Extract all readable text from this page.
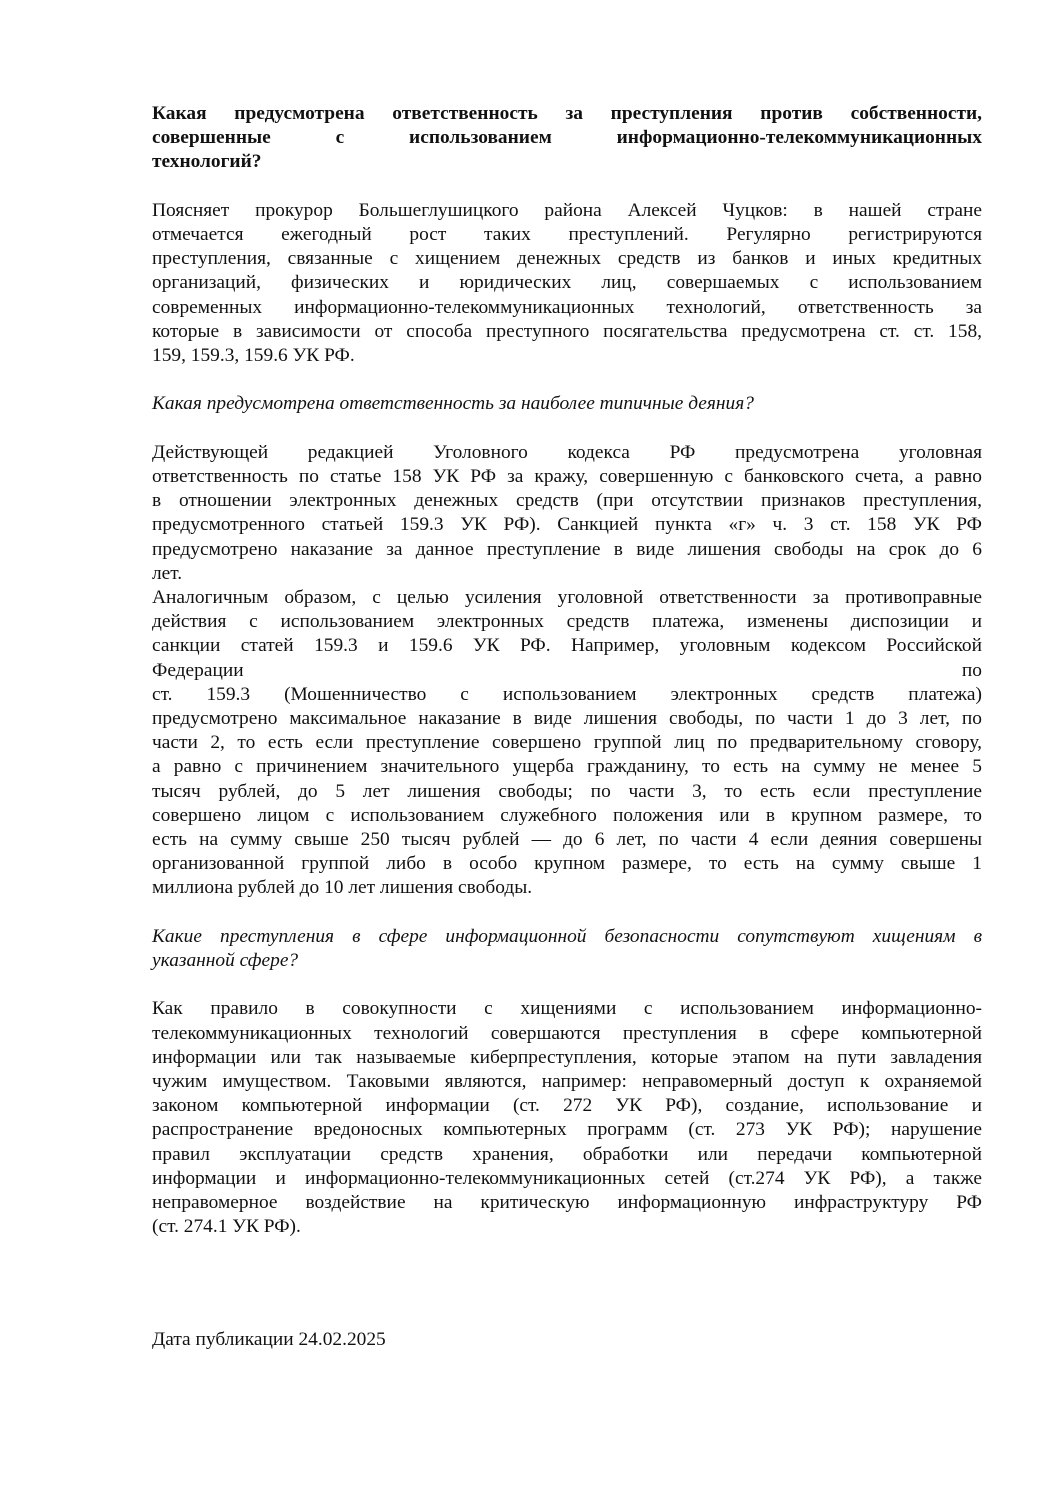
Какая предусмотрена ответственность за преступления против собственности,
совершенные с использованием информационно-телекоммуникационных
технологий?
Поясняет прокурор Большеглушицкого района Алексей Чуцков: в нашей стране
отмечается ежегодный рост таких преступлений. Регулярно регистрируются
преступления, связанные с хищением денежных средств из банков и иных кредитных
организаций, физических и юридических лиц, совершаемых с использованием
современных информационно-телекоммуникационных технологий, ответственность за
которые в зависимости от способа преступного посягательства предусмотрена ст. ст. 158,
159, 159.3, 159.6 УК РФ.
Какая предусмотрена ответственность за наиболее типичные деяния?
Действующей редакцией Уголовного кодекса РФ предусмотрена уголовная
ответственность по статье 158 УК РФ за кражу, совершенную с банковского счета, а равно
в отношении электронных денежных средств (при отсутствии признаков преступления,
предусмотренного статьей 159.3 УК РФ). Санкцией пункта «г» ч. 3 ст. 158 УК РФ
предусмотрено наказание за данное преступление в виде лишения свободы на срок до 6
лет.
Аналогичным образом, с целью усиления уголовной ответственности за противоправные
действия с использованием электронных средств платежа, изменены диспозиции и
санкции статей 159.3 и 159.6 УК РФ. Например, уголовным кодексом Российской
Федерации по
ст. 159.3 (Мошенничество с использованием электронных средств платежа)
предусмотрено максимальное наказание в виде лишения свободы, по части 1 до 3 лет, по
части 2, то есть если преступление совершено группой лиц по предварительному сговору,
а равно с причинением значительного ущерба гражданину, то есть на сумму не менее 5
тысяч рублей, до 5 лет лишения свободы; по части 3, то есть если преступление
совершено лицом с использованием служебного положения или в крупном размере, то
есть на сумму свыше 250 тысяч рублей — до 6 лет, по части 4 если деяния совершены
организованной группой либо в особо крупном размере, то есть на сумму свыше 1
миллиона рублей до 10 лет лишения свободы.
Какие преступления в сфере информационной безопасности сопутствуют хищениям в
указанной сфере?
Как правило в совокупности с хищениями с использованием информационно-
телекоммуникационных технологий совершаются преступления в сфере компьютерной
информации или так называемые киберпреступления, которые этапом на пути завладения
чужим имуществом. Таковыми являются, например: неправомерный доступ к охраняемой
законом компьютерной информации (ст. 272 УК РФ), создание, использование и
распространение вредоносных компьютерных программ (ст. 273 УК РФ); нарушение
правил эксплуатации средств хранения, обработки или передачи компьютерной
информации и информационно-телекоммуникационных сетей (ст.274 УК РФ), а также
неправомерное воздействие на критическую информационную инфраструктуру РФ
(ст. 274.1 УК РФ).
Дата публикации 24.02.2025
